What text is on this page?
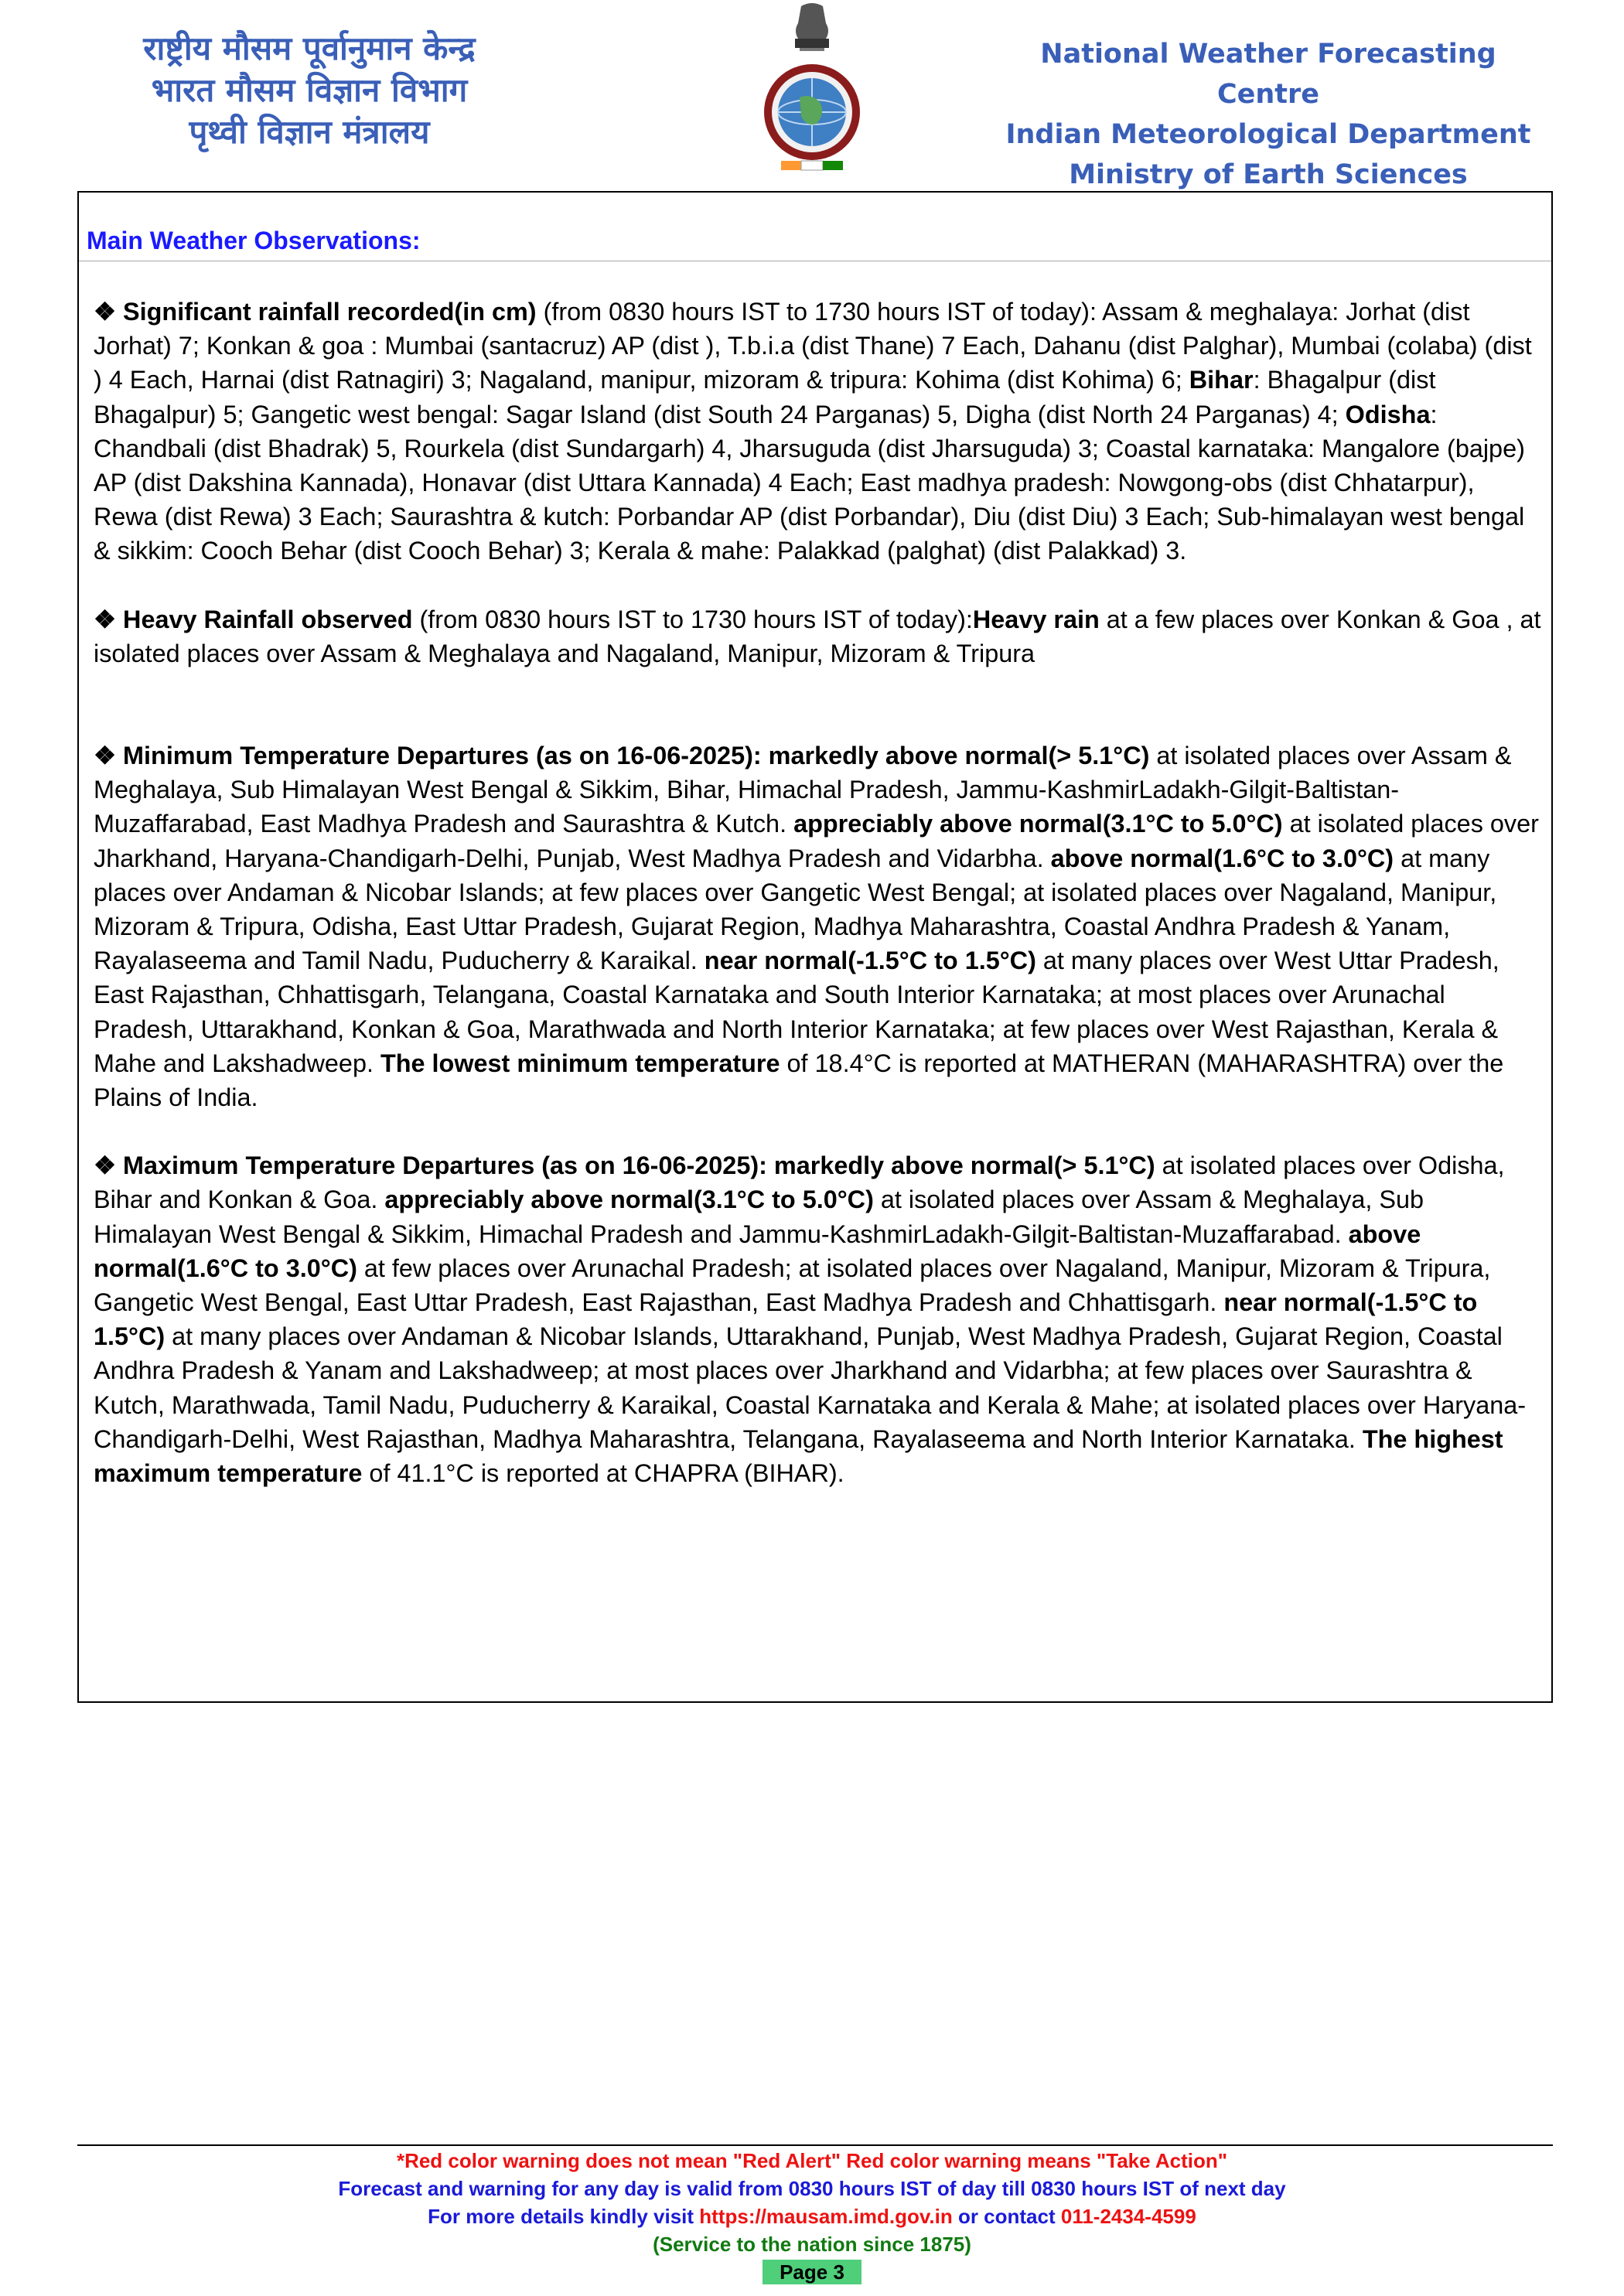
राष्ट्रीय मौसम पूर्वानुमान केन्द्र
भारत मौसम विज्ञान विभाग
पृथ्वी विज्ञान मंत्रालय
National Weather Forecasting Centre
Indian Meteorological Department
Ministry of Earth Sciences
Main Weather Observations:

❖ Significant rainfall recorded(in cm) (from 0830 hours IST to 1730 hours IST of today): Assam & meghalaya: Jorhat (dist Jorhat) 7; Konkan & goa : Mumbai (santacruz) AP (dist ), T.b.i.a (dist Thane) 7 Each, Dahanu (dist Palghar), Mumbai (colaba) (dist ) 4 Each, Harnai (dist Ratnagiri) 3; Nagaland, manipur, mizoram & tripura: Kohima (dist Kohima) 6; Bihar: Bhagalpur (dist Bhagalpur) 5; Gangetic west bengal: Sagar Island (dist South 24 Parganas) 5, Digha (dist North 24 Parganas) 4; Odisha: Chandbali (dist Bhadrak) 5, Rourkela (dist Sundargarh) 4, Jharsuguda (dist Jharsuguda) 3; Coastal karnataka: Mangalore (bajpe) AP (dist Dakshina Kannada), Honavar (dist Uttara Kannada) 4 Each; East madhya pradesh: Nowgong-obs (dist Chhatarpur), Rewa (dist Rewa) 3 Each; Saurashtra & kutch: Porbandar AP (dist Porbandar), Diu (dist Diu) 3 Each; Sub-himalayan west bengal & sikkim: Cooch Behar (dist Cooch Behar) 3; Kerala & mahe: Palakkad (palghat) (dist Palakkad) 3.

❖ Heavy Rainfall observed (from 0830 hours IST to 1730 hours IST of today):Heavy rain at a few places over Konkan & Goa , at isolated places over Assam & Meghalaya and Nagaland, Manipur, Mizoram & Tripura

❖ Minimum Temperature Departures (as on 16-06-2025): markedly above normal(> 5.1°C) at isolated places over Assam & Meghalaya, Sub Himalayan West Bengal & Sikkim, Bihar, Himachal Pradesh, Jammu-KashmirLadakh-Gilgit-Baltistan-Muzaffarabad, East Madhya Pradesh and Saurashtra & Kutch. appreciably above normal(3.1°C to 5.0°C) at isolated places over Jharkhand, Haryana-Chandigarh-Delhi, Punjab, West Madhya Pradesh and Vidarbha. above normal(1.6°C to 3.0°C) at many places over Andaman & Nicobar Islands; at few places over Gangetic West Bengal; at isolated places over Nagaland, Manipur, Mizoram & Tripura, Odisha, East Uttar Pradesh, Gujarat Region, Madhya Maharashtra, Coastal Andhra Pradesh & Yanam, Rayalaseema and Tamil Nadu, Puducherry & Karaikal. near normal(-1.5°C to 1.5°C) at many places over West Uttar Pradesh, East Rajasthan, Chhattisgarh, Telangana, Coastal Karnataka and South Interior Karnataka; at most places over Arunachal Pradesh, Uttarakhand, Konkan & Goa, Marathwada and North Interior Karnataka; at few places over West Rajasthan, Kerala & Mahe and Lakshadweep. The lowest minimum temperature of 18.4°C is reported at MATHERAN (MAHARASHTRA) over the Plains of India.

❖ Maximum Temperature Departures (as on 16-06-2025): markedly above normal(> 5.1°C) at isolated places over Odisha, Bihar and Konkan & Goa. appreciably above normal(3.1°C to 5.0°C) at isolated places over Assam & Meghalaya, Sub Himalayan West Bengal & Sikkim, Himachal Pradesh and Jammu-KashmirLadakh-Gilgit-Baltistan-Muzaffarabad. above normal(1.6°C to 3.0°C) at few places over Arunachal Pradesh; at isolated places over Nagaland, Manipur, Mizoram & Tripura, Gangetic West Bengal, East Uttar Pradesh, East Rajasthan, East Madhya Pradesh and Chhattisgarh. near normal(-1.5°C to 1.5°C) at many places over Andaman & Nicobar Islands, Uttarakhand, Punjab, West Madhya Pradesh, Gujarat Region, Coastal Andhra Pradesh & Yanam and Lakshadweep; at most places over Jharkhand and Vidarbha; at few places over Saurashtra & Kutch, Marathwada, Tamil Nadu, Puducherry & Karaikal, Coastal Karnataka and Kerala & Mahe; at isolated places over Haryana-Chandigarh-Delhi, West Rajasthan, Madhya Maharashtra, Telangana, Rayalaseema and North Interior Karnataka. The highest maximum temperature of 41.1°C is reported at CHAPRA (BIHAR).

*Red color warning does not mean "Red Alert" Red color warning means "Take Action"
Forecast and warning for any day is valid from 0830 hours IST of day till 0830 hours IST of next day
For more details kindly visit https://mausam.imd.gov.in or contact 011-2434-4599
(Service to the nation since 1875)
Page 3
